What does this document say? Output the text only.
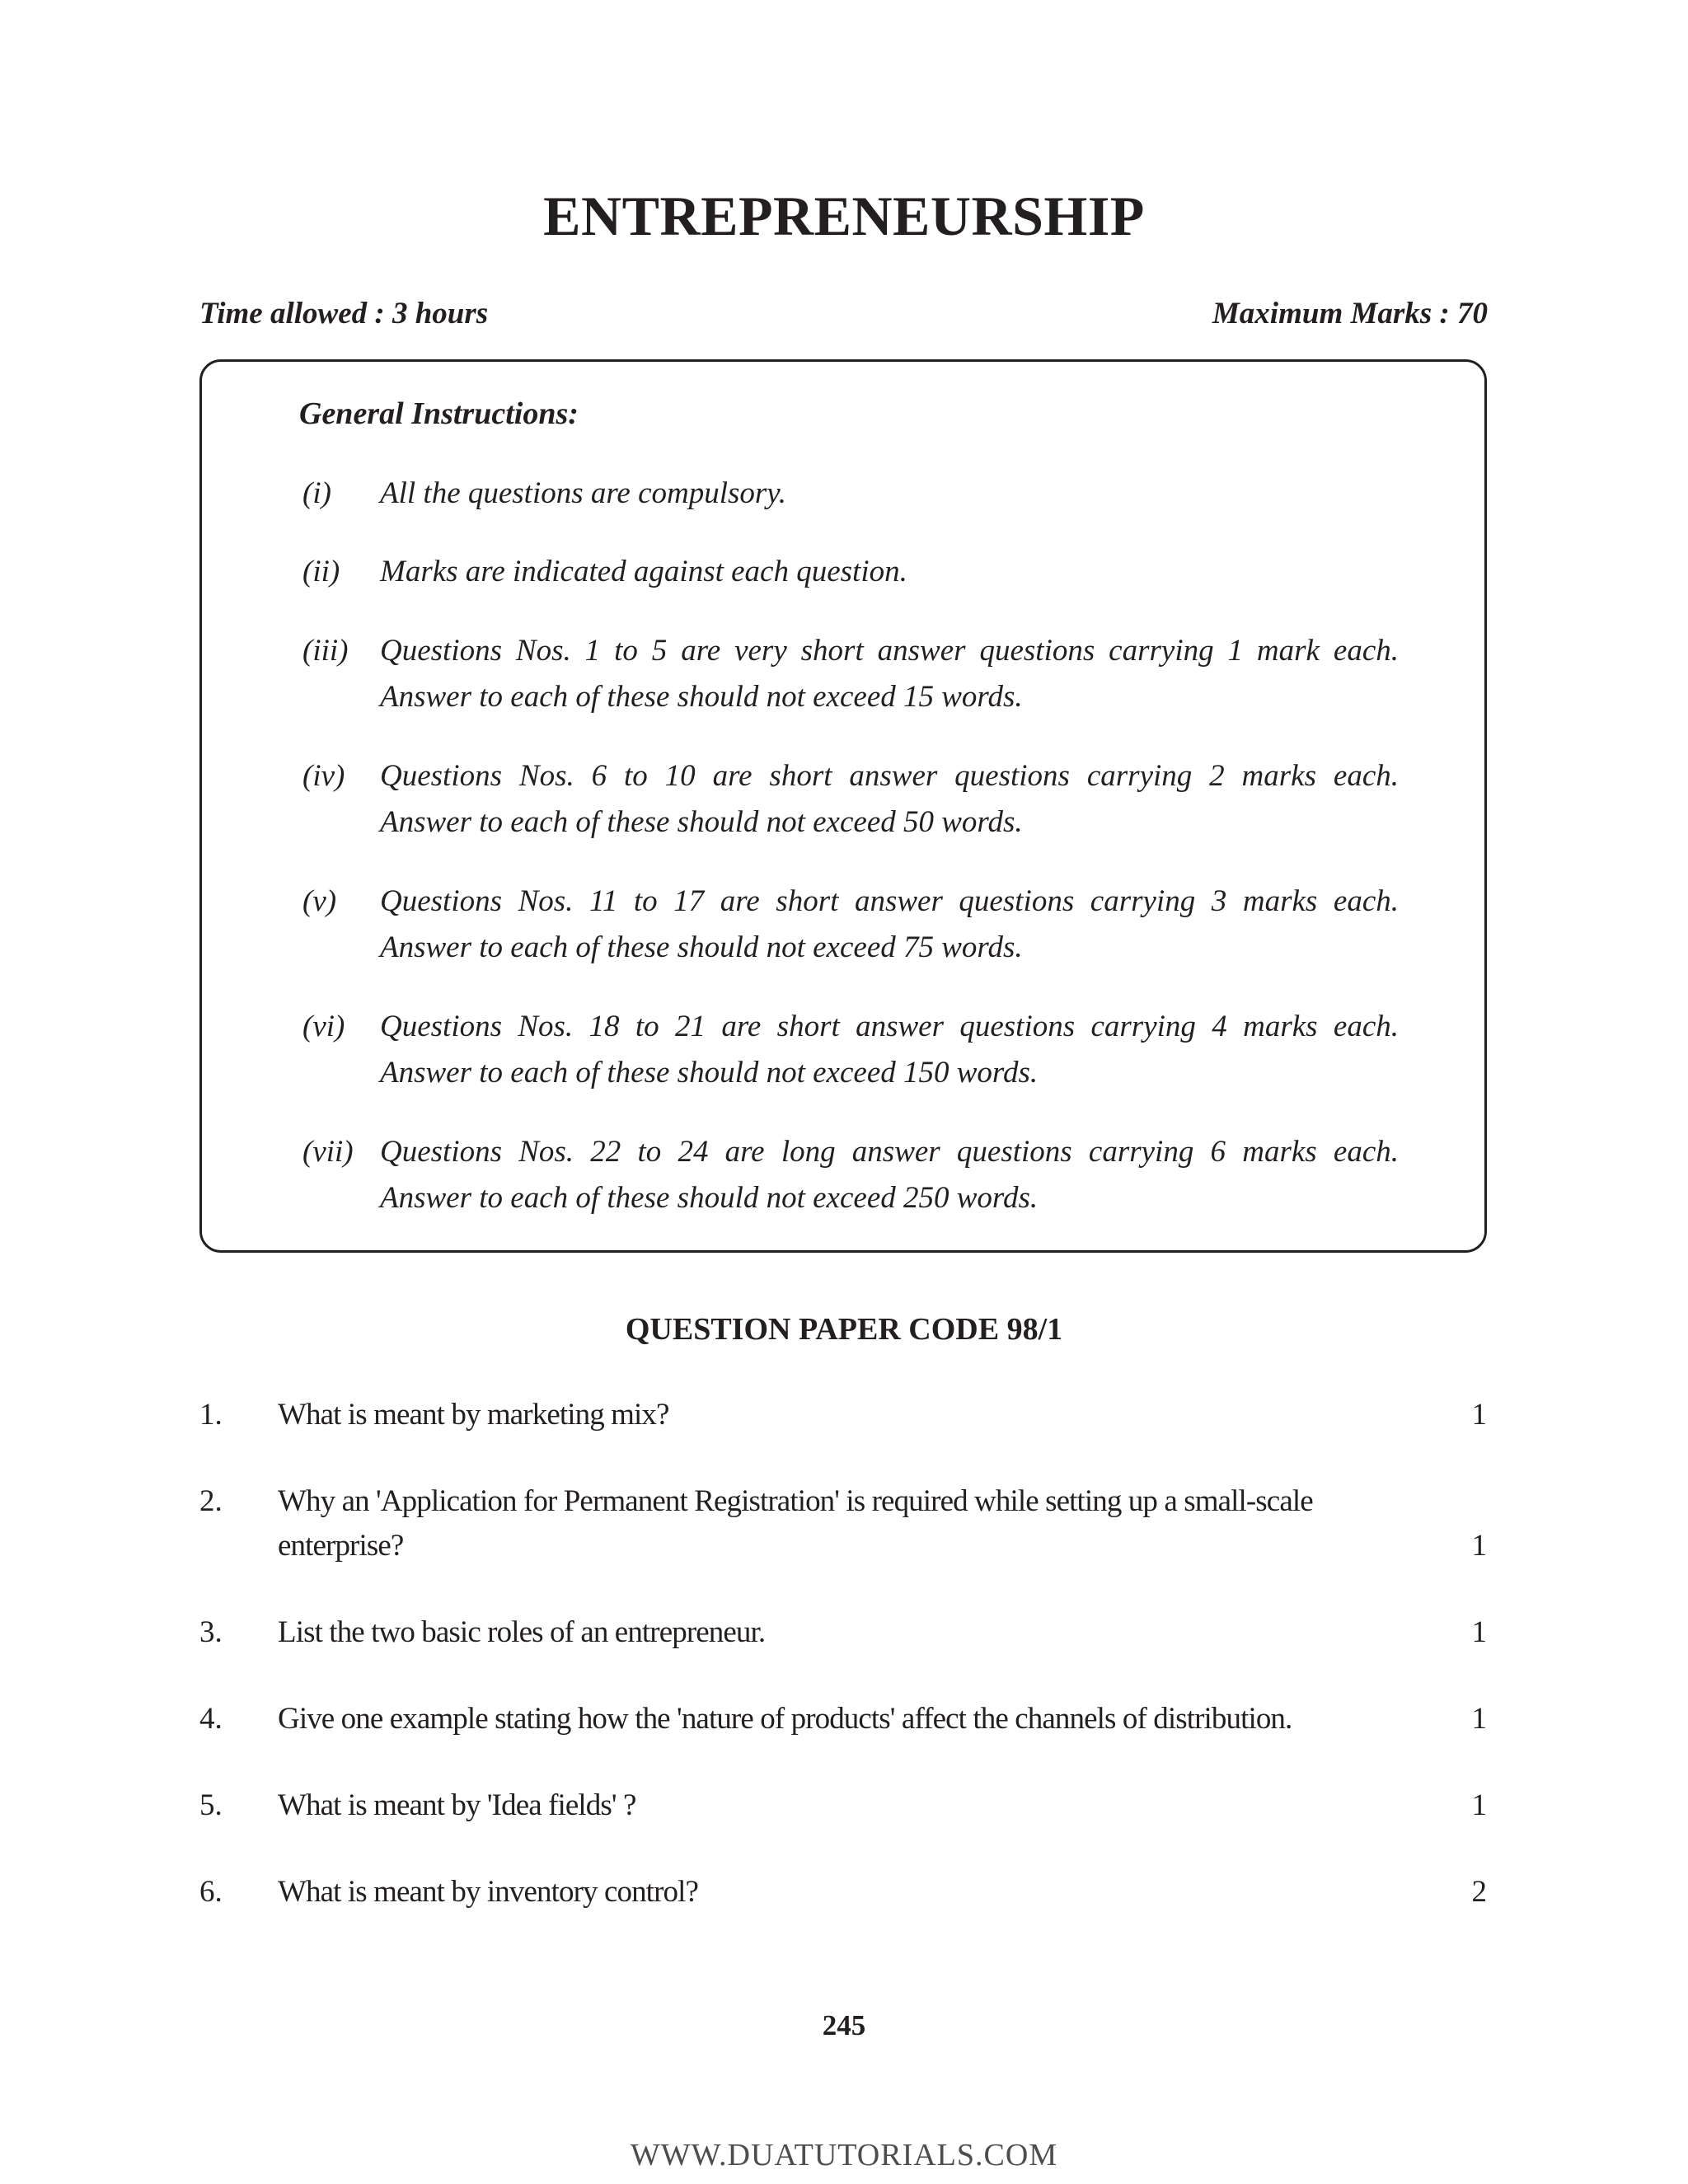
ENTREPRENEURSHIP
Time allowed : 3 hours	Maximum Marks : 70
General Instructions:
(i)	All the questions are compulsory.
(ii)	Marks are indicated against each question.
(iii)	Questions Nos. 1 to 5 are very short answer questions carrying 1 mark each.
Answer to each of these should not exceed 15 words.
(iv)	Questions Nos. 6 to 10 are short answer questions carrying 2 marks each.
Answer to each of these should not exceed 50 words.
(v)	Questions Nos. 11 to 17 are short answer questions carrying 3 marks each.
Answer to each of these should not exceed 75 words.
(vi)	Questions Nos. 18 to 21 are short answer questions carrying 4 marks each.
Answer to each of these should not exceed 150 words.
(vii) Questions Nos. 22 to 24 are long answer questions carrying 6 marks each.
Answer to each of these should not exceed 250 words.
QUESTION PAPER CODE 98/1
1.	What is meant by marketing mix?	1
2.	Why an 'Application for Permanent Registration' is required while setting up a small-scale enterprise?	1
3.	List the two basic roles of an entrepreneur.	1
4.	Give one example stating how the 'nature of products' affect the channels of distribution.	1
5.	What is meant by 'Idea fields' ?	1
6.	What is meant by inventory control?	2
245
WWW.DUATUTORIALS.COM
